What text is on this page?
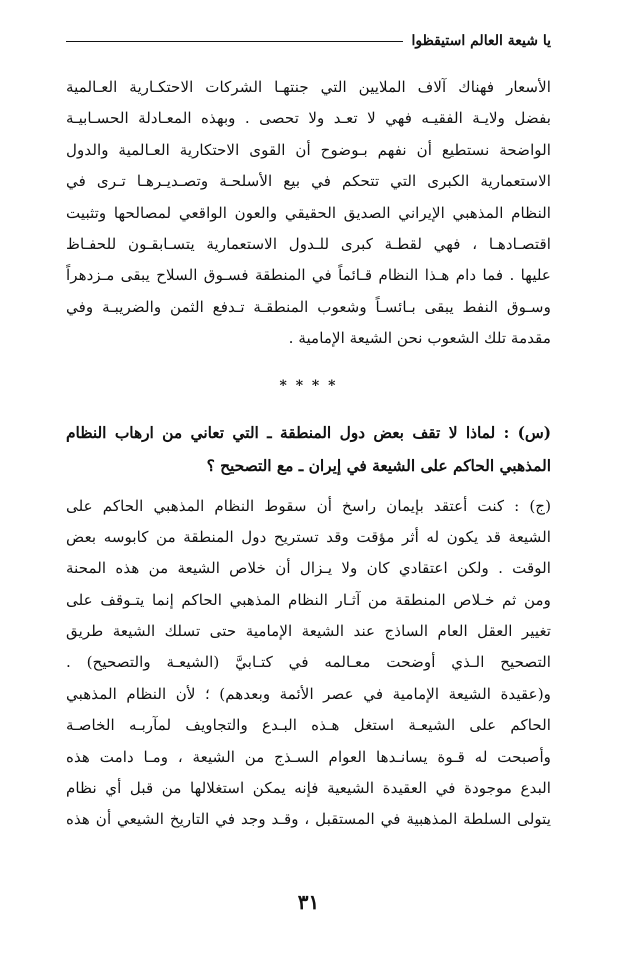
يا شيعة العالم استيقظوا
الأسعار فهناك آلاف الملايين التي جنتهـا الشركات الاحتكـارية العـالمية
بفضل ولايـة الفقيـه فهي لا تعـد ولا تحصى . وبهذه المعـادلة الحسـابيـة
الواضحة نستطيع أن نفهم بـوضوح أن القوى الاحتكارية العـالمية والدول
الاستعمارية الكبرى التي تتحكم في بيع الأسلحـة وتصـديـرهـا تـرى في
النظام المذهبي الإيراني الصديق الحقيقي والعون الواقعي لمصالحها وتثبيت
اقتصـادهـا ، فهي لقطـة كبرى للـدول الاستعمارية يتسـابقـون للحفـاظ
عليها . فما دام هـذا النظام قـائماً في المنطقة فسـوق السلاح يبقى مـزدهراً
وسـوق النفط يبقى بـائسـاً وشعوب المنطقـة تـدفع الثمن والضريبـة وفي
مقدمة تلك الشعوب نحن الشيعة الإمامية .
* * * *
(س) : لماذا لا تقف بعض دول المنطقة ـ التي تعاني من ارهاب النظام
المذهبي الحاكم على الشيعة في إيران ـ مع التصحيح ؟
(ج) : كنت أعتقد بإيمان راسخ أن سقوط النظام المذهبي الحاكم على
الشيعة قد يكون له أثر مؤقت وقد تستريح دول المنطقة من كابوسه بعض
الوقت . ولكن اعتقادي كان ولا يـزال أن خلاص الشيعة من هذه المحنة
ومن ثم خـلاص المنطقة من آثـار النظام المذهبي الحاكم إنما يتـوقف على
تغيير العقل العام الساذج عند الشيعة الإمامية حتى تسلك الشيعة طريق
التصحيح الـذي أوضحت معـالمه في كتـابيَّ (الشيعـة والتصحيح) .
و(عقيدة الشيعة الإمامية في عصر الأئمة وبعدهم) ؛ لأن النظام المذهبي
الحاكم على الشيعـة استغل هـذه البـدع والتجاويف لمآربـه الخاصـة
وأصبحت له قـوة يسانـدها العوام السـذج من الشيعة ، ومـا دامت هذه
البدع موجودة في العقيدة الشيعية فإنه يمكن استغلالها من قبل أي نظام
يتولى السلطة المذهبية في المستقبل ، وقـد وجد في التاريخ الشيعي أن هذه
٣١
